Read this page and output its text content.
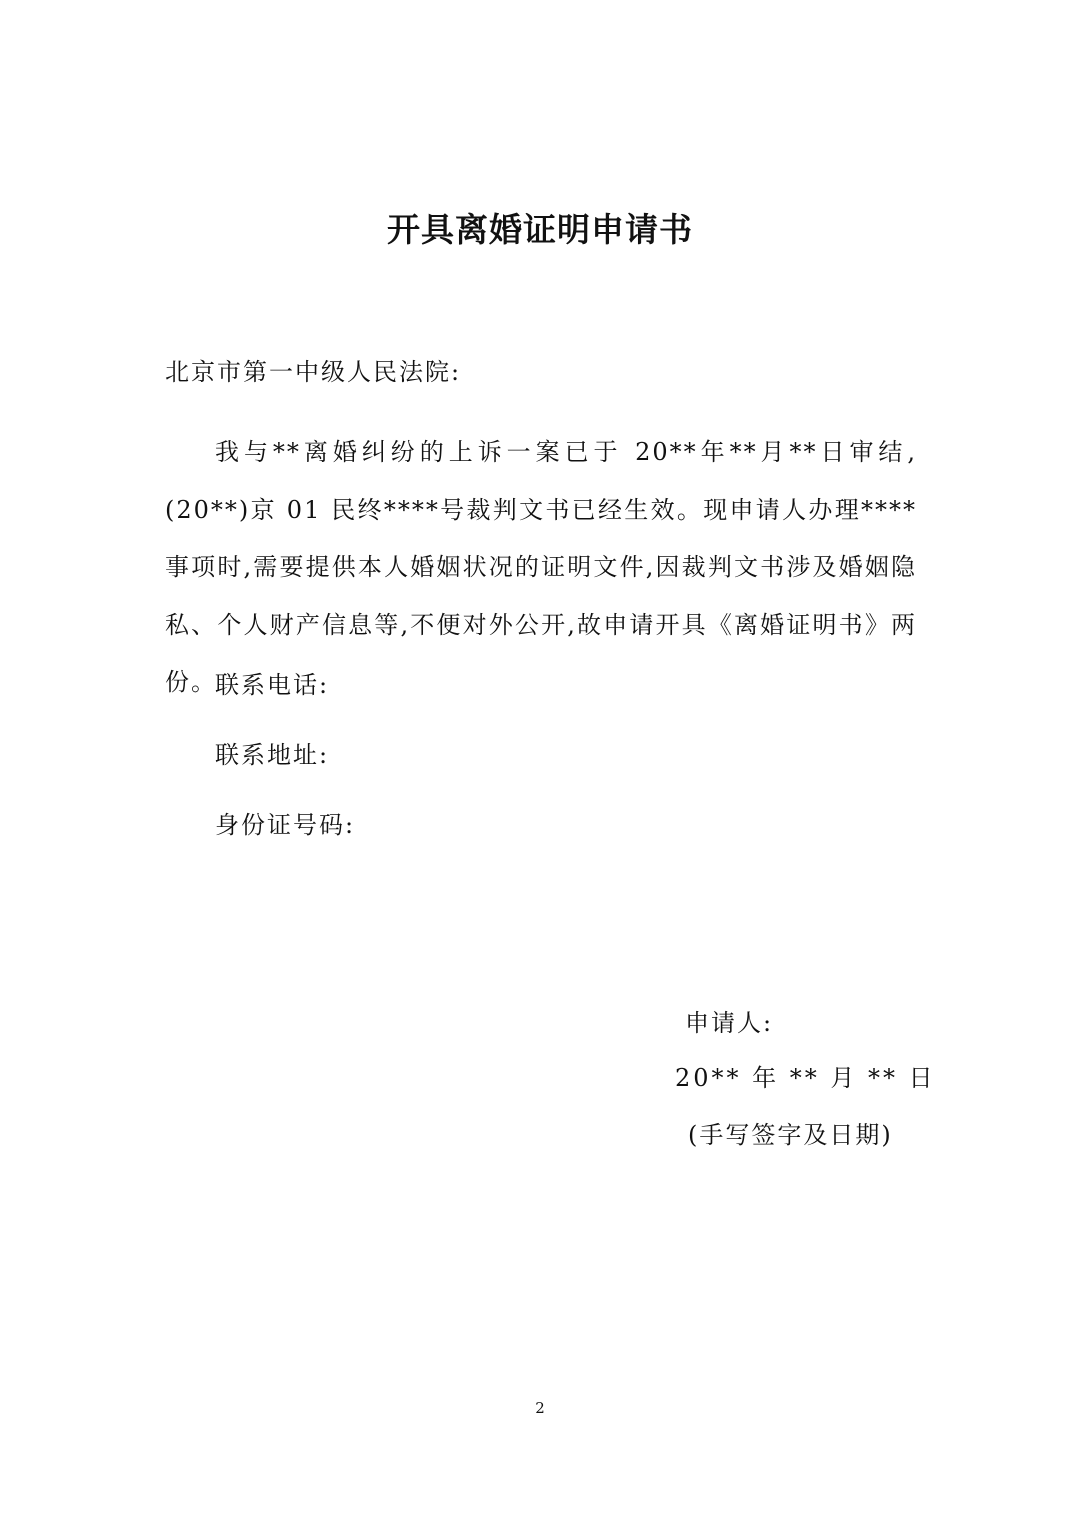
开具离婚证明申请书
北京市第一中级人民法院:
我与**离婚纠纷的上诉一案已于 20**年**月**日审结,(20**)京 01 民终****号裁判文书已经生效。现申请人办理****事项时,需要提供本人婚姻状况的证明文件,因裁判文书涉及婚姻隐私、个人财产信息等,不便对外公开,故申请开具《离婚证明书》两份。
联系电话:
联系地址:
身份证号码:
申请人:
20** 年 ** 月 ** 日
(手写签字及日期)
2
